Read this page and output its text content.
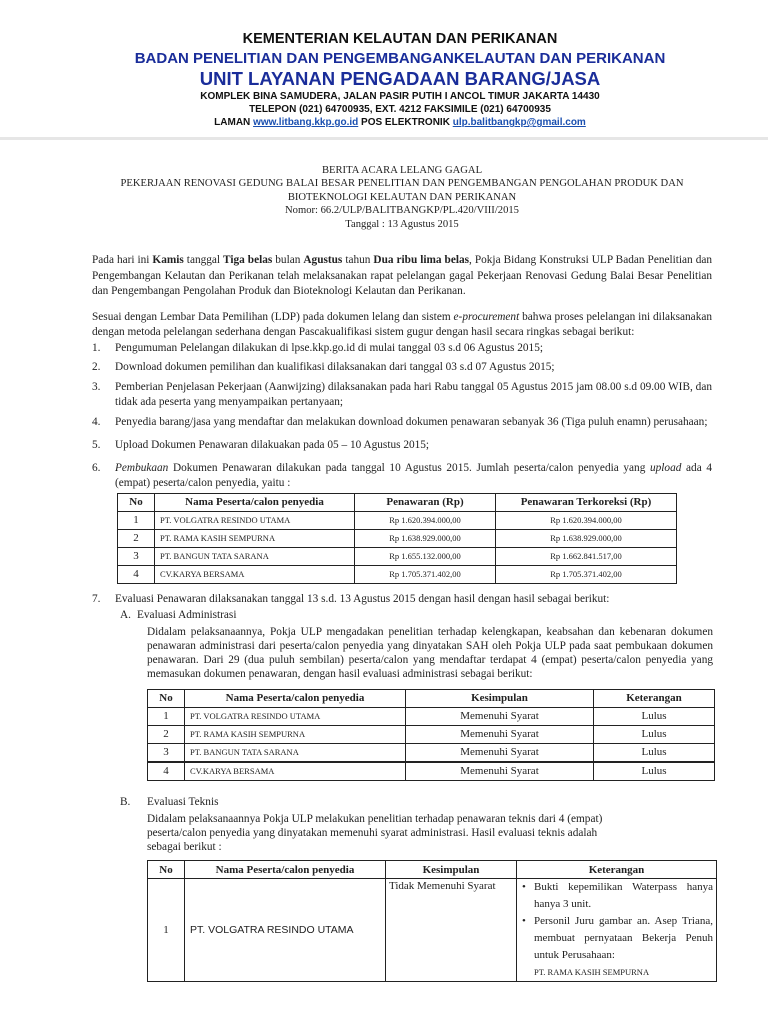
KEMENTERIAN KELAUTAN DAN PERIKANAN
BADAN PENELITIAN DAN PENGEMBANGANKELAUTAN DAN PERIKANAN
UNIT LAYANAN PENGADAAN BARANG/JASA
KOMPLEK BINA SAMUDERA, JALAN PASIR PUTIH I ANCOL TIMUR JAKARTA 14430
TELEPON (021) 64700935, EXT. 4212 FAKSIMILE (021) 64700935
LAMAN www.litbang.kkp.go.id POS ELEKTRONIK ulp.balitbangkp@gmail.com
BERITA ACARA LELANG GAGAL
PEKERJAAN RENOVASI GEDUNG BALAI BESAR PENELITIAN DAN PENGEMBANGAN PENGOLAHAN PRODUK DAN
BIOTEKNOLOGI KELAUTAN DAN PERIKANAN
Nomor: 66.2/ULP/BALITBANGKP/PL.420/VIII/2015
Tanggal : 13 Agustus 2015
Pada hari ini Kamis tanggal Tiga belas bulan Agustus tahun Dua ribu lima belas, Pokja Bidang Konstruksi ULP Badan Penelitian dan Pengembangan Kelautan dan Perikanan telah melaksanakan rapat pelelangan gagal Pekerjaan Renovasi Gedung Balai Besar Penelitian dan Pengembangan Pengolahan Produk dan Bioteknologi Kelautan dan Perikanan.
Sesuai dengan Lembar Data Pemilihan (LDP) pada dokumen lelang dan sistem e-procurement bahwa proses pelelangan ini dilaksanakan dengan metoda pelelangan sederhana dengan Pascakualifikasi sistem gugur dengan hasil secara ringkas sebagai berikut:
1. Pengumuman Pelelangan dilakukan di lpse.kkp.go.id di mulai tanggal 03 s.d 06 Agustus 2015;
2. Download dokumen pemilihan dan kualifikasi dilaksanakan dari tanggal 03 s.d 07 Agustus 2015;
3. Pemberian Penjelasan Pekerjaan (Aanwijzing) dilaksanakan pada hari Rabu tanggal 05 Agustus 2015 jam 08.00 s.d 09.00 WIB, dan tidak ada peserta yang menyampaikan pertanyaan;
4. Penyedia barang/jasa yang mendaftar dan melakukan download dokumen penawaran sebanyak 36 (Tiga puluh enamn) perusahaan;
5. Upload Dokumen Penawaran dilakuakan pada 05 – 10 Agustus 2015;
6. Pembukaan Dokumen Penawaran dilakukan pada tanggal 10 Agustus 2015. Jumlah peserta/calon penyedia yang upload ada 4 (empat) peserta/calon penyedia, yaitu :
No	Nama Peserta/calon penyedia	Penawaran (Rp)	Penawaran Terkoreksi (Rp)
1	PT. VOLGATRA RESINDO UTAMA	Rp 1.620.394.000,00	Rp 1.620.394.000,00
2	PT. RAMA KASIH SEMPURNA	Rp 1.638.929.000,00	Rp 1.638.929.000,00
3	PT. BANGUN TATA SARANA	Rp 1.655.132.000,00	Rp 1.662.841.517,00
4	CV.KARYA BERSAMA	Rp 1.705.371.402,00	Rp 1.705.371.402,00
7. Evaluasi Penawaran dilaksanakan tanggal 13 s.d. 13 Agustus 2015 dengan hasil dengan hasil sebagai berikut:
A. Evaluasi Administrasi
Didalam pelaksanaannya, Pokja ULP mengadakan penelitian terhadap kelengkapan, keabsahan dan kebenaran dokumen penawaran administrasi dari peserta/calon penyedia yang dinyatakan SAH oleh Pokja ULP pada saat pembukaan dokumen penawaran. Dari 29 (dua puluh sembilan) peserta/calon yang mendaftar terdapat 4 (empat) peserta/calon penyedia yang memasukan dokumen penawaran, dengan hasil evaluasi administrasi sebagai berikut:
No	Nama Peserta/calon penyedia	Kesimpulan	Keterangan
1	PT. VOLGATRA RESINDO UTAMA	Memenuhi Syarat	Lulus
2	PT. RAMA KASIH SEMPURNA	Memenuhi Syarat	Lulus
3	PT. BANGUN TATA SARANA	Memenuhi Syarat	Lulus
4	CV.KARYA BERSAMA	Memenuhi Syarat	Lulus
B. Evaluasi Teknis
Didalam pelaksanaannya Pokja ULP melakukan penelitian terhadap penawaran teknis dari 4 (empat) peserta/calon penyedia yang dinyatakan memenuhi syarat administrasi. Hasil evaluasi teknis adalah sebagai berikut :
No	Nama Peserta/calon penyedia	Kesimpulan	Keterangan
1	PT. VOLGATRA RESINDO UTAMA	Tidak Memenuhi Syarat	• Bukti kepemilikan Waterpass hanya hanya 3 unit.
• Personil Juru gambar an. Asep Triana, membuat pernyataan Bekerja Penuh untuk Perusahaan:
PT. RAMA KASIH SEMPURNA
